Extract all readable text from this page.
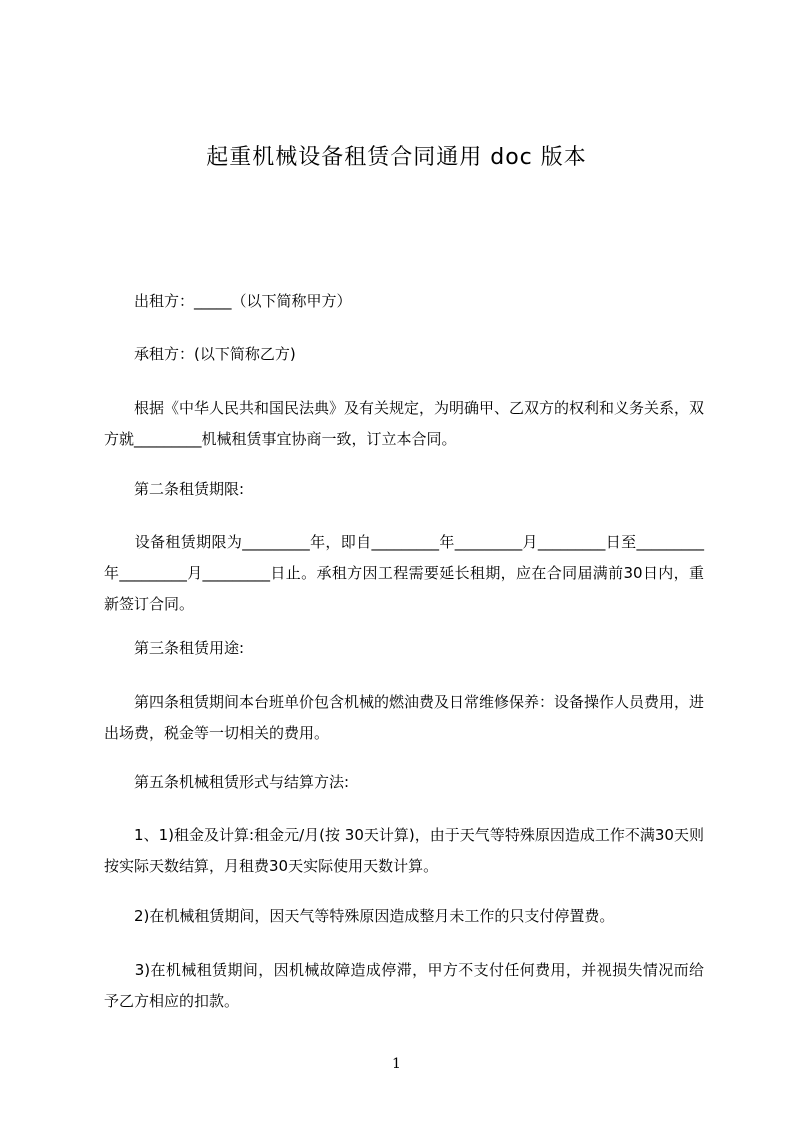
起重机械设备租赁合同通用 doc 版本

　　出租方：_____（以下简称甲方）

　　承租方：(以下简称乙方)

　　根据《中华人民共和国民法典》及有关规定，为明确甲、乙双方的权利和义务关系，双方就_________机械租赁事宜协商一致，订立本合同。

　　第二条租赁期限:

　　设备租赁期限为_________年，即自_________年_________月_________日至_________年_________月_________日止。承租方因工程需要延长租期，应在合同届满前30日内，重新签订合同。

　　第三条租赁用途:

　　第四条租赁期间本台班单价包含机械的燃油费及日常维修保养：设备操作人员费用，进出场费，税金等一切相关的费用。

　　第五条机械租赁形式与结算方法:

　　1、1)租金及计算:租金元/月(按 30天计算)，由于天气等特殊原因造成工作不满30天则按实际天数结算，月租费30天实际使用天数计算。

　　2)在机械租赁期间，因天气等特殊原因造成整月未工作的只支付停置费。

　　3)在机械租赁期间，因机械故障造成停滞，甲方不支付任何费用，并视损失情况而给予乙方相应的扣款。

1
